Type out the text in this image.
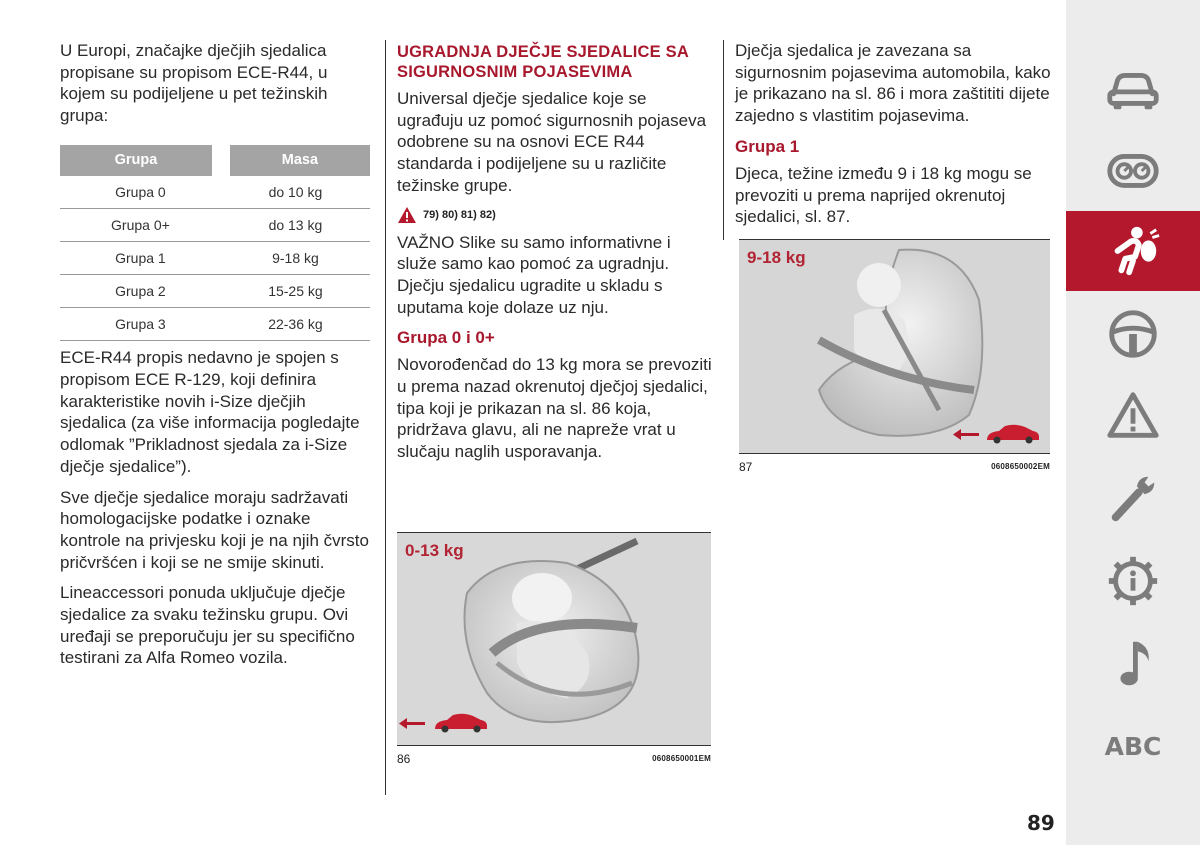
U Europi, značajke dječjih sjedalica propisane su propisom ECE-R44, u kojem su podijeljene u pet težinskih grupa:

Grupa	Masa
Grupa 0	do 10 kg
Grupa 0+	do 13 kg
Grupa 1	9-18 kg
Grupa 2	15-25 kg
Grupa 3	22-36 kg

ECE-R44 propis nedavno je spojen s propisom ECE R-129, koji definira karakteristike novih i-Size dječjih sjedalica (za više informacija pogledajte odlomak ”Prikladnost sjedala za i-Size dječje sjedalice”).

Sve dječje sjedalice moraju sadržavati homologacijske podatke i oznake kontrole na privjesku koji je na njih čvrsto pričvršćen i koji se ne smije skinuti.

Lineaccessori ponuda uključuje dječje sjedalice za svaku težinsku grupu. Ovi uređaji se preporučuju jer su specifično testirani za Alfa Romeo vozila.

UGRADNJA DJEČJE SJEDALICE SA SIGURNOSNIM POJASEVIMA

Universal dječje sjedalice koje se ugrađuju uz pomoć sigurnosnih pojaseva odobrene su na osnovi ECE R44 standarda i podijeljene su u različite težinske grupe.

79) 80) 81) 82)

VAŽNO Slike su samo informativne i služe samo kao pomoć za ugradnju. Dječju sjedalicu ugradite u skladu s uputama koje dolaze uz nju.

Grupa 0 i 0+

Novorođenčad do 13 kg mora se prevoziti u prema nazad okrenutoj dječjoj sjedalici, tipa koji je prikazan na sl. 86 koja, pridržava glavu, ali ne napreže vrat u slučaju naglih usporavanja.

0-13 kg
86	0608650001EM

Dječja sjedalica je zavezana sa sigurnosnim pojasevima automobila, kako je prikazano na sl. 86 i mora zaštititi dijete zajedno s vlastitim pojasevima.

Grupa 1

Djeca, težine između 9 i 18 kg mogu se prevoziti u prema naprijed okrenutoj sjedalici, sl. 87.

9-18 kg
87	0608650002EM
ABC
89
